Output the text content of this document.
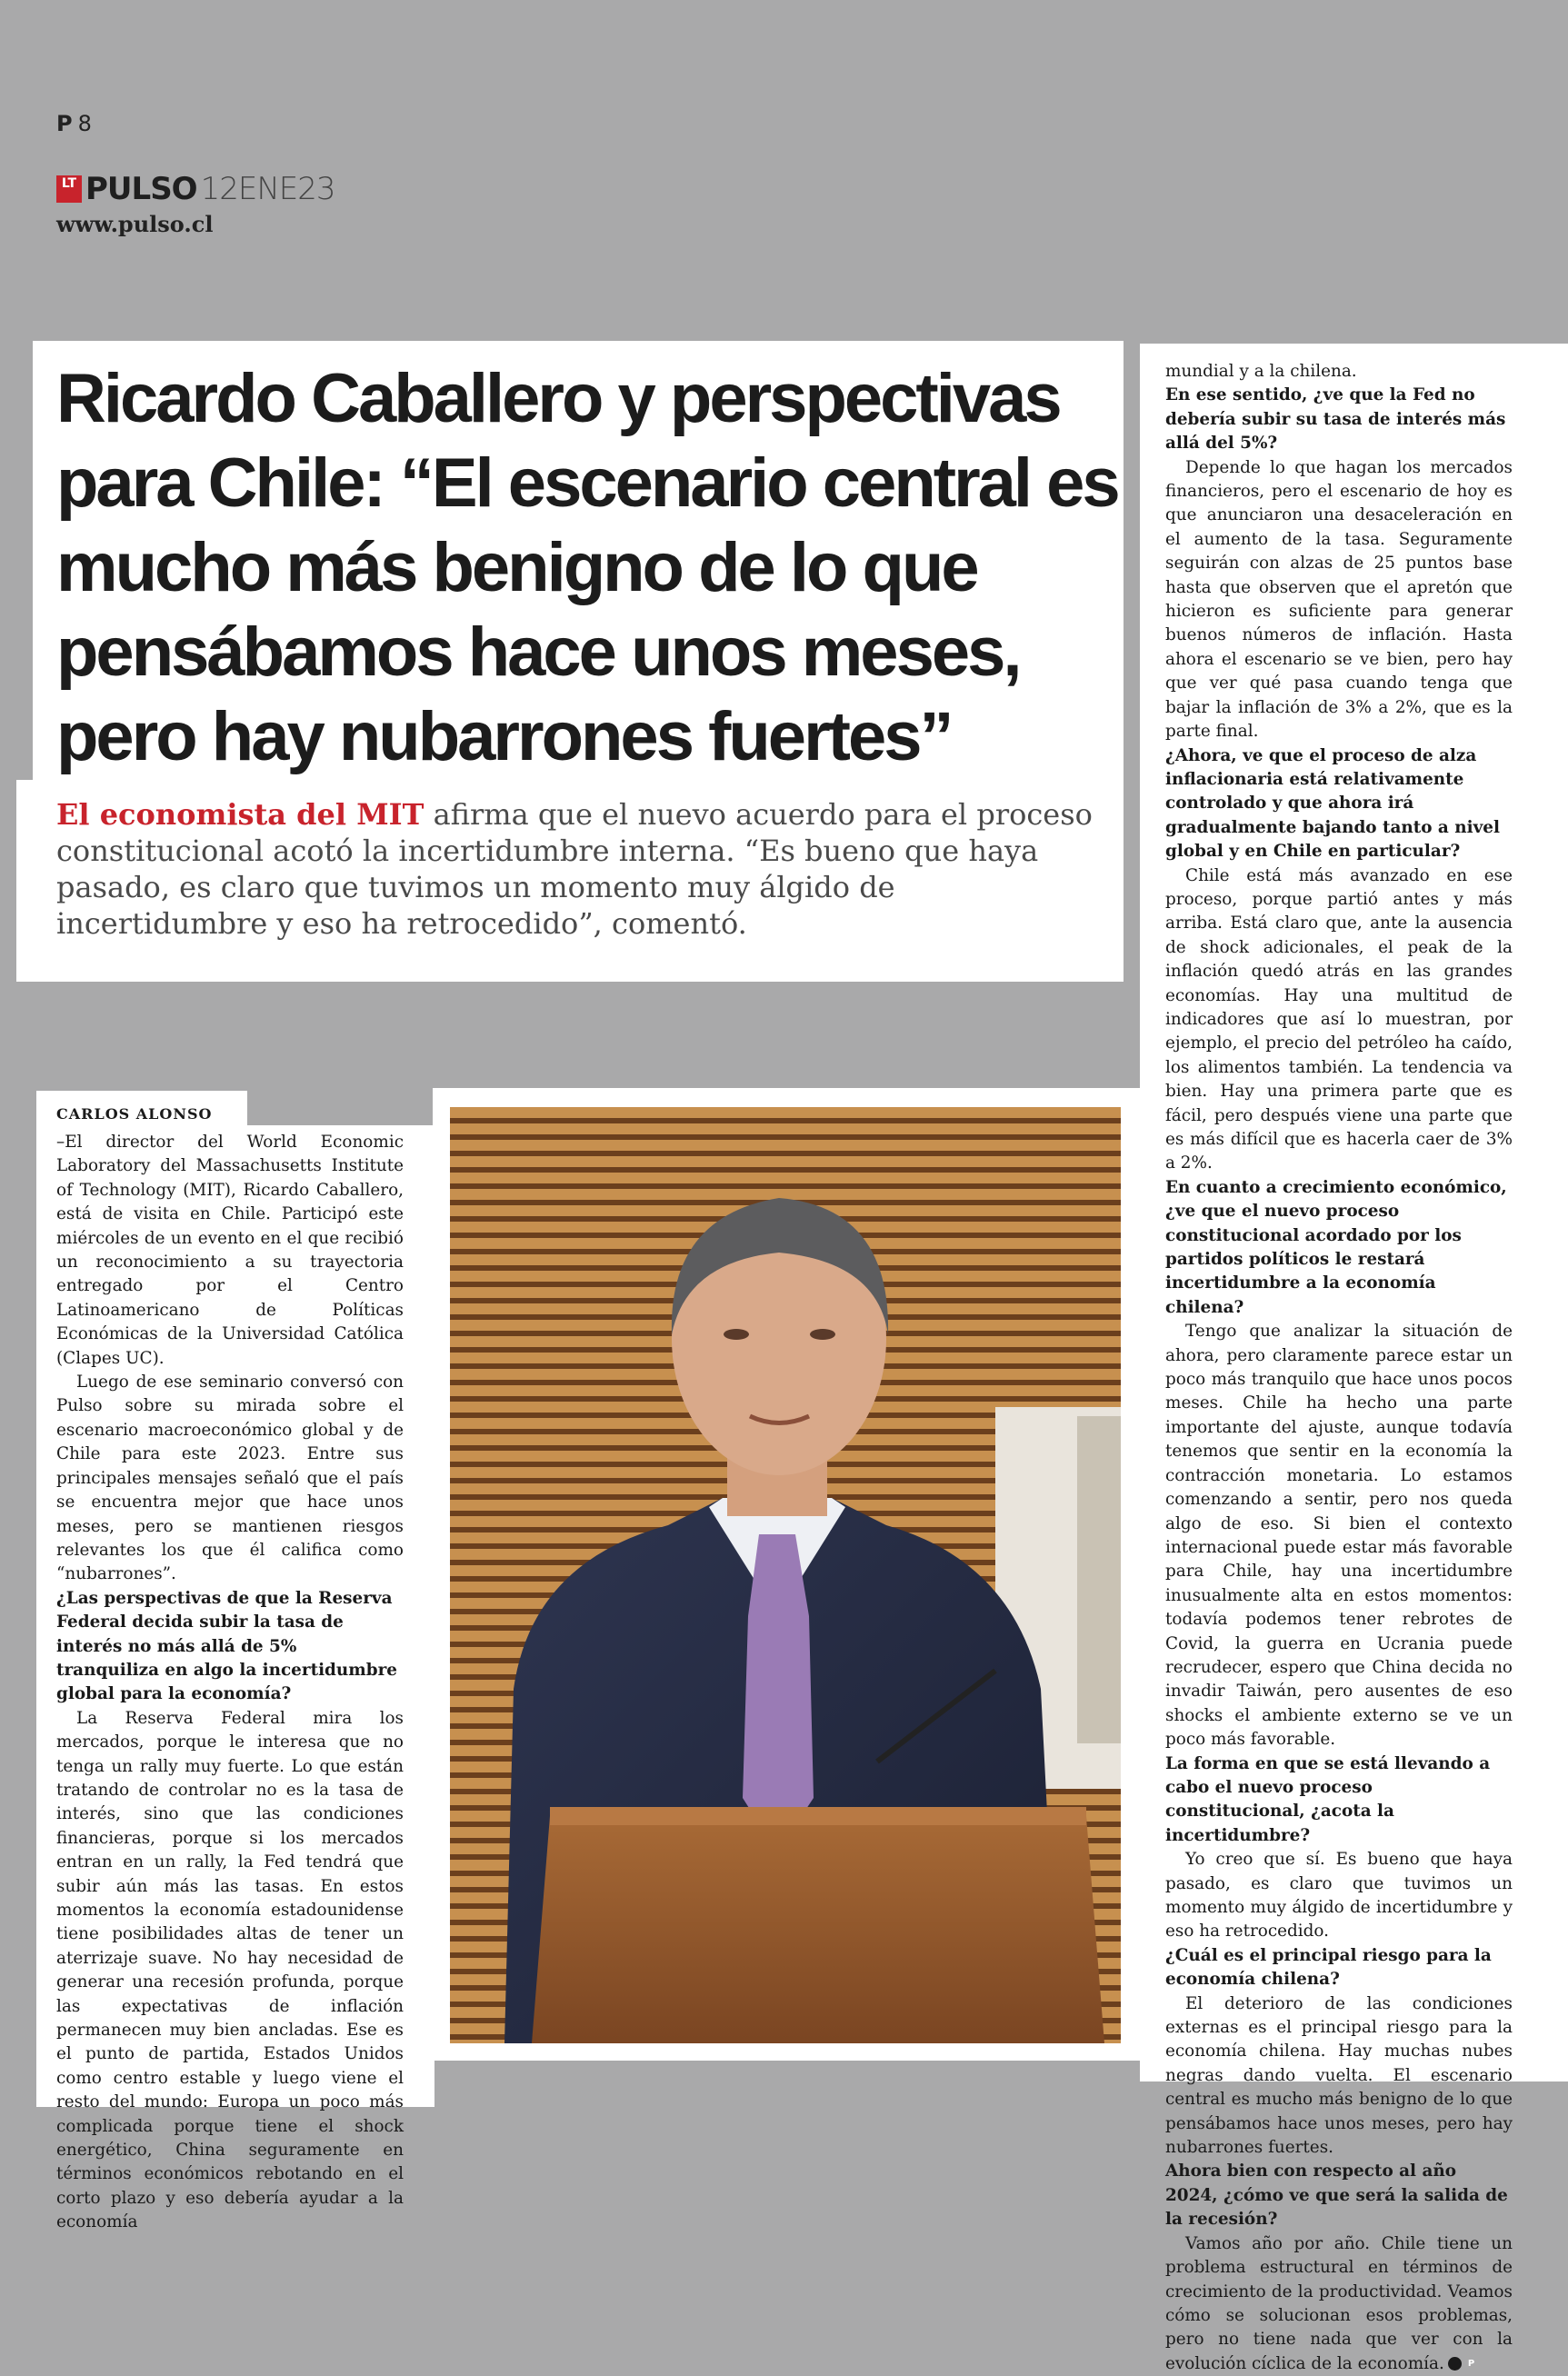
P 8
LT PULSO 12ENE23
www.pulso.cl
Ricardo Caballero y perspectivas para Chile: “El escenario central es mucho más benigno de lo que pensábamos hace unos meses, pero hay nubarrones fuertes”

El economista del MIT afirma que el nuevo acuerdo para el proceso constitucional acotó la incertidumbre interna. “Es bueno que haya pasado, es claro que tuvimos un momento muy álgido de incertidumbre y eso ha retrocedido”, comentó.

CARLOS ALONSO

–El director del World Economic Laboratory del Massachusetts Institute of Technology (MIT), Ricardo Caballero, está de visita en Chile. Participó este miércoles de un evento en el que recibió un reconocimiento a su trayectoria entregado por el Centro Latinoamericano de Políticas Económicas de la Universidad Católica (Clapes UC).

Luego de ese seminario conversó con Pulso sobre su mirada sobre el escenario macroeconómico global y de Chile para este 2023. Entre sus principales mensajes señaló que el país se encuentra mejor que hace unos meses, pero se mantienen riesgos relevantes los que él califica como “nubarrones”.

¿Las perspectivas de que la Reserva Federal decida subir la tasa de interés no más allá de 5% tranquiliza en algo la incertidumbre global para la economía?

La Reserva Federal mira los mercados, porque le interesa que no tenga un rally muy fuerte. Lo que están tratando de controlar no es la tasa de interés, sino que las condiciones financieras, porque si los mercados entran en un rally, la Fed tendrá que subir aún más las tasas. En estos momentos la economía estadounidense tiene posibilidades altas de tener un aterrizaje suave. No hay necesidad de generar una recesión profunda, porque las expectativas de inflación permanecen muy bien ancladas. Ese es el punto de partida, Estados Unidos como centro estable y luego viene el resto del mundo: Europa un poco más complicada porque tiene el shock energético, China seguramente en términos económicos rebotando en el corto plazo y eso debería ayudar a la economía

mundial y a la chilena.

En ese sentido, ¿ve que la Fed no debería subir su tasa de interés más allá del 5%?

Depende lo que hagan los mercados financieros, pero el escenario de hoy es que anunciaron una desaceleración en el aumento de la tasa. Seguramente seguirán con alzas de 25 puntos base hasta que observen que el apretón que hicieron es suficiente para generar buenos números de inflación. Hasta ahora el escenario se ve bien, pero hay que ver qué pasa cuando tenga que bajar la inflación de 3% a 2%, que es la parte final.

¿Ahora, ve que el proceso de alza inflacionaria está relativamente controlado y que ahora irá gradualmente bajando tanto a nivel global y en Chile en particular?

Chile está más avanzado en ese proceso, porque partió antes y más arriba. Está claro que, ante la ausencia de shock adicionales, el peak de la inflación quedó atrás en las grandes economías. Hay una multitud de indicadores que así lo muestran, por ejemplo, el precio del petróleo ha caído, los alimentos también. La tendencia va bien. Hay una primera parte que es fácil, pero después viene una parte que es más difícil que es hacerla caer de 3% a 2%.

En cuanto a crecimiento económico, ¿ve que el nuevo proceso constitucional acordado por los partidos políticos le restará incertidumbre a la economía chilena?

Tengo que analizar la situación de ahora, pero claramente parece estar un poco más tranquilo que hace unos pocos meses. Chile ha hecho una parte importante del ajuste, aunque todavía tenemos que sentir en la economía la contracción monetaria. Lo estamos comenzando a sentir, pero nos queda algo de eso. Si bien el contexto internacional puede estar más favorable para Chile, hay una incertidumbre inusualmente alta en estos momentos: todavía podemos tener rebrotes de Covid, la guerra en Ucrania puede recrudecer, espero que China decida no invadir Taiwán, pero ausentes de eso shocks el ambiente externo se ve un poco más favorable.

La forma en que se está llevando a cabo el nuevo proceso constitucional, ¿acota la incertidumbre?

Yo creo que sí. Es bueno que haya pasado, es claro que tuvimos un momento muy álgido de incertidumbre y eso ha retrocedido.

¿Cuál es el principal riesgo para la economía chilena?

El deterioro de las condiciones externas es el principal riesgo para la economía chilena. Hay muchas nubes negras dando vuelta. El escenario central es mucho más benigno de lo que pensábamos hace unos meses, pero hay nubarrones fuertes.

Ahora bien con respecto al año 2024, ¿cómo ve que será la salida de la recesión?

Vamos año por año. Chile tiene un problema estructural en términos de crecimiento de la productividad. Veamos cómo se solucionan esos problemas, pero no tiene nada que ver con la evolución cíclica de la economía.	P
